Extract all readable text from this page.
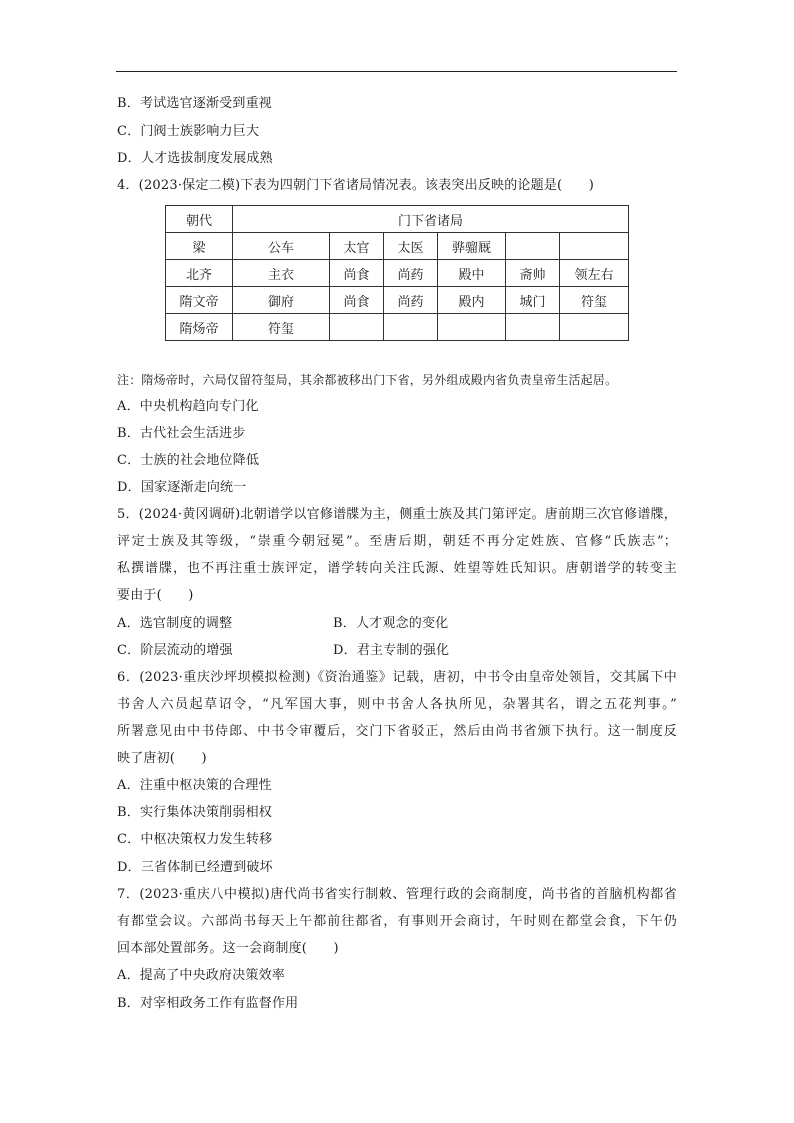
B．考试选官逐渐受到重视
C．门阀士族影响力巨大
D．人才选拔制度发展成熟
4．(2023·保定二模)下表为四朝门下省诸局情况表。该表突出反映的论题是(　　)
朝代	门下省诸局					
梁	公车	太官	太医	骅骝厩		
北齐	主衣	尚食	尚药	殿中	斋帅	领左右
隋文帝	御府	尚食	尚药	殿内	城门	符玺
隋炀帝	符玺					
注：隋炀帝时，六局仅留符玺局，其余都被移出门下省，另外组成殿内省负责皇帝生活起居。
A．中央机构趋向专门化
B．古代社会生活进步
C．士族的社会地位降低
D．国家逐渐走向统一
5．(2024·黄冈调研)北朝谱学以官修谱牒为主，侧重士族及其门第评定。唐前期三次官修谱牒，
评定士族及其等级，“崇重今朝冠冕”。至唐后期，朝廷不再分定姓族、官修“氏族志”；
私撰谱牒，也不再注重士族评定，谱学转向关注氏源、姓望等姓氏知识。唐朝谱学的转变主
要由于(　　)
A．选官制度的调整	B．人才观念的变化
C．阶层流动的增强	D．君主专制的强化
6．(2023·重庆沙坪坝模拟检测)《资治通鉴》记载，唐初，中书令由皇帝处领旨，交其属下中
书舍人六员起草诏令，“凡军国大事，则中书舍人各执所见，杂署其名，谓之五花判事。”
所署意见由中书侍郎、中书令审覆后，交门下省驳正，然后由尚书省颁下执行。这一制度反
映了唐初(　　)
A．注重中枢决策的合理性
B．实行集体决策削弱相权
C．中枢决策权力发生转移
D．三省体制已经遭到破坏
7．(2023·重庆八中模拟)唐代尚书省实行制敕、管理行政的会商制度，尚书省的首脑机构都省
有都堂会议。六部尚书每天上午都前往都省，有事则开会商讨，午时则在都堂会食，下午仍
回本部处置部务。这一会商制度(　　)
A．提高了中央政府决策效率
B．对宰相政务工作有监督作用
